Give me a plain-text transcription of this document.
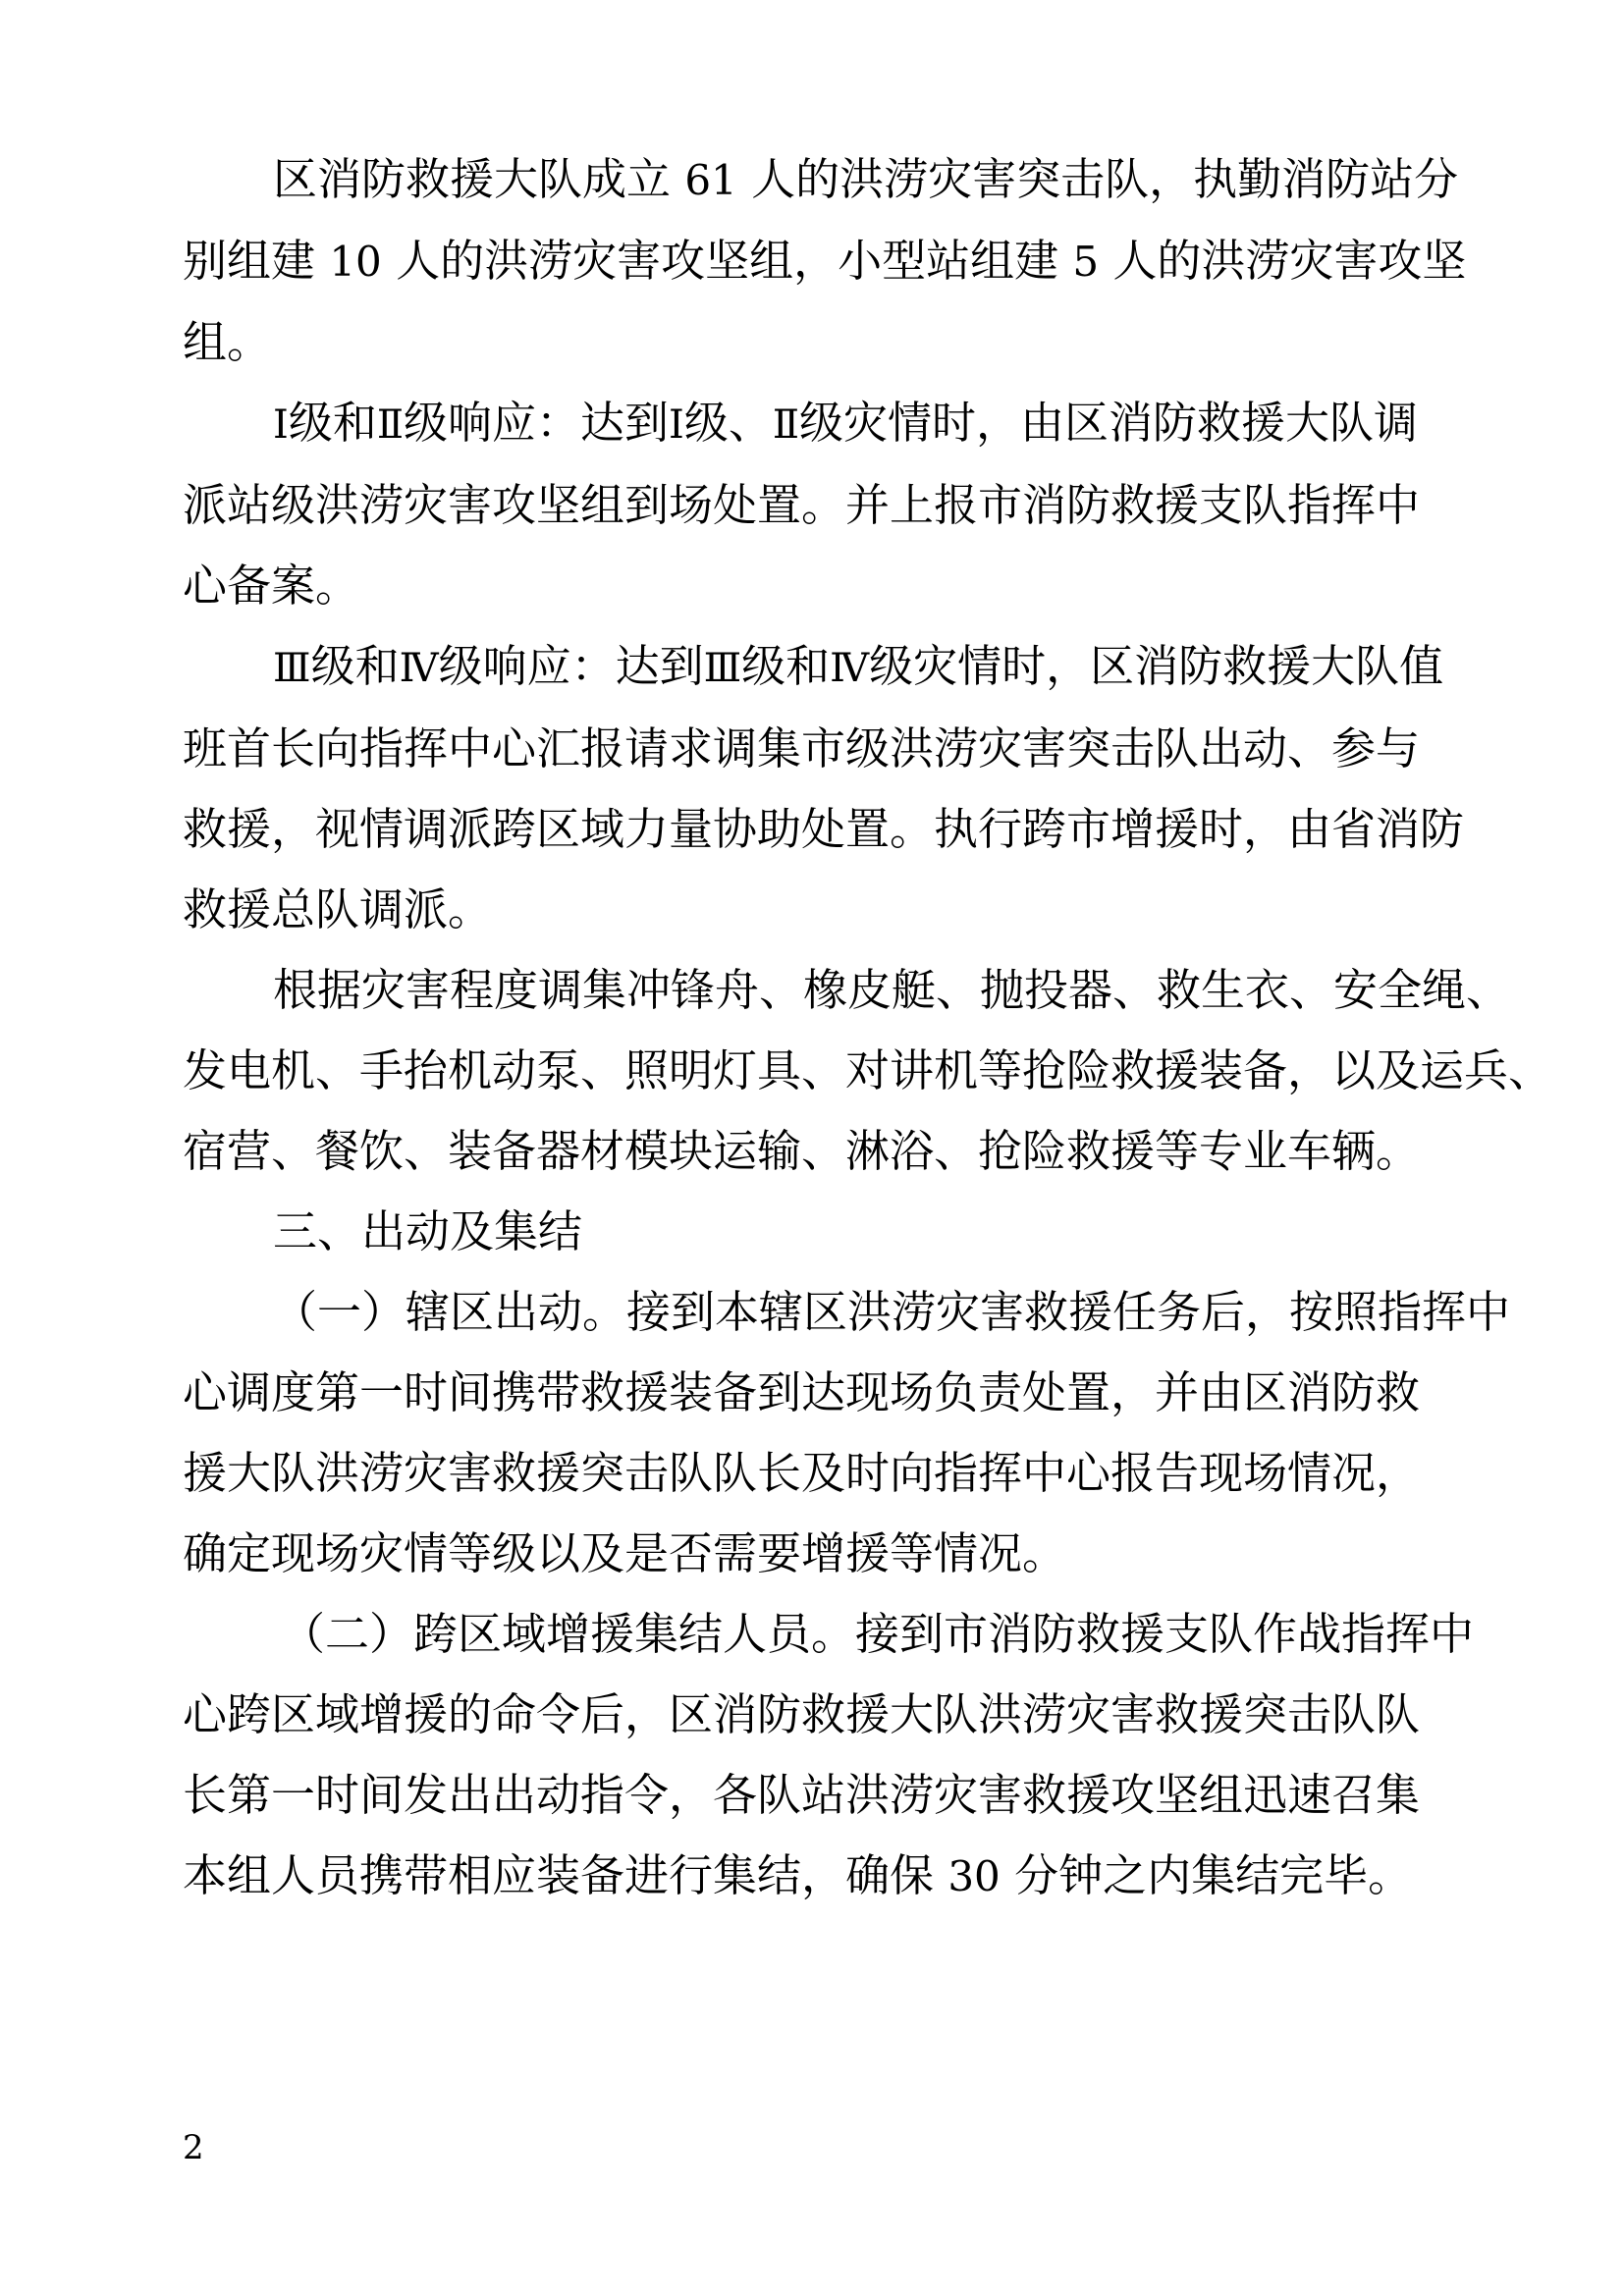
区消防救援大队成立 61 人的洪涝灾害突击队，执勤消防站分
别组建 10 人的洪涝灾害攻坚组，小型站组建 5 人的洪涝灾害攻坚
组。
Ⅰ级和Ⅱ级响应：达到Ⅰ级、Ⅱ级灾情时，由区消防救援大队调
派站级洪涝灾害攻坚组到场处置。并上报市消防救援支队指挥中
心备案。
Ⅲ级和Ⅳ级响应：达到Ⅲ级和Ⅳ级灾情时，区消防救援大队值
班首长向指挥中心汇报请求调集市级洪涝灾害突击队出动、参与
救援，视情调派跨区域力量协助处置。执行跨市增援时，由省消防
救援总队调派。
根据灾害程度调集冲锋舟、橡皮艇、抛投器、救生衣、安全绳、
发电机、手抬机动泵、照明灯具、对讲机等抢险救援装备，以及运兵、
宿营、餐饮、装备器材模块运输、淋浴、抢险救援等专业车辆。
三、出动及集结
（一）辖区出动。接到本辖区洪涝灾害救援任务后，按照指挥中
心调度第一时间携带救援装备到达现场负责处置，并由区消防救
援大队洪涝灾害救援突击队队长及时向指挥中心报告现场情况，
确定现场灾情等级以及是否需要增援等情况。
（二）跨区域增援集结人员。接到市消防救援支队作战指挥中
心跨区域增援的命令后，区消防救援大队洪涝灾害救援突击队队
长第一时间发出出动指令，各队站洪涝灾害救援攻坚组迅速召集
本组人员携带相应装备进行集结，确保 30 分钟之内集结完毕。
2
